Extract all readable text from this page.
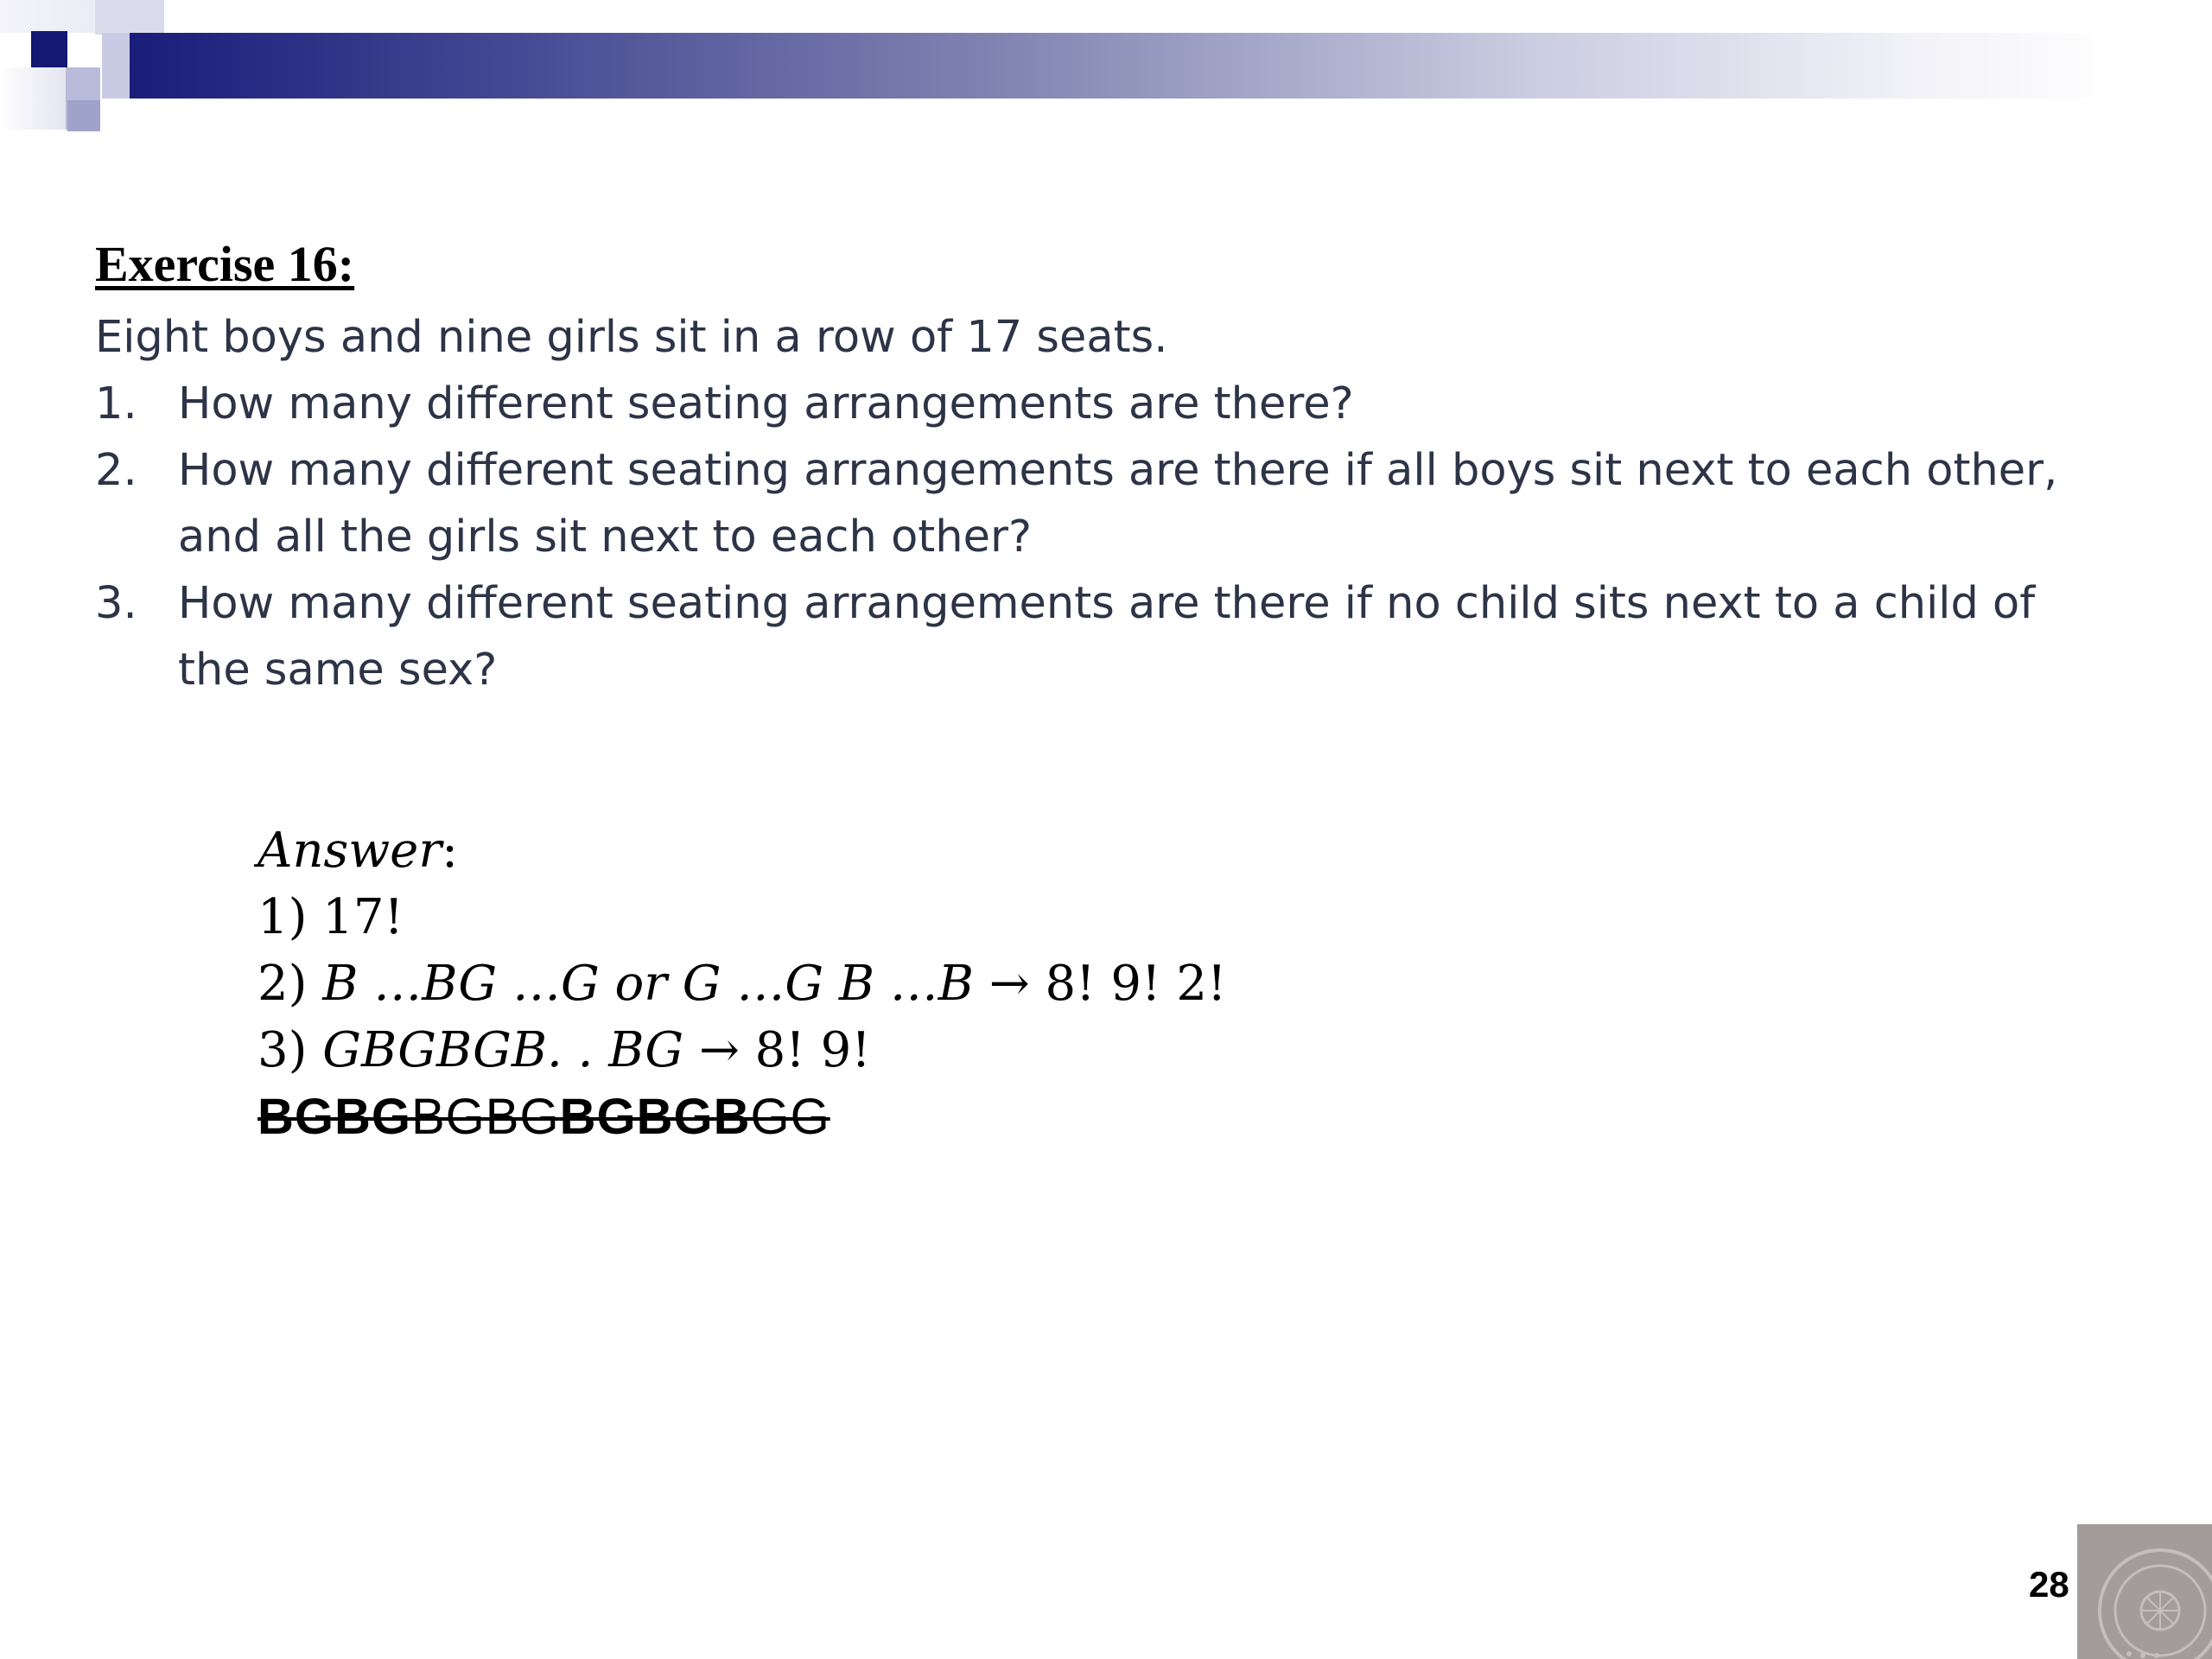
Exercise 16:

Eight boys and nine girls sit in a row of 17 seats.

1. How many different seating arrangements are there?
2. How many different seating arrangements are there if all boys sit next to each other, and all the girls sit next to each other?
3. How many different seating arrangements are there if no child sits next to a child of the same sex?
Answer:
1) 17!
2) B …BG …G or G …G B …B → 8! 9! 2!
3) GBGBGB. . BG → 8! 9!
BGBGBGBGBGBGBGG
28
